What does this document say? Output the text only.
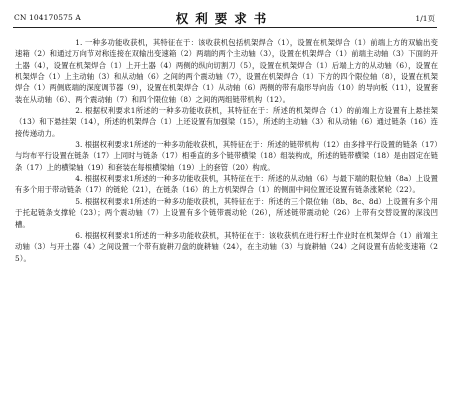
CN 104170575 A	权利要求书	1/1页

1. 一种多功能收获机，其特征在于：该收获机包括机架焊合（1），设置在机架焊合（1）前端上方的双输出变速箱（2）和通过万向节对称连接在双输出变速箱（2）两端的两个主动轴（3），设置在机架焊合（1）前端主动轴（3）下面的开土器（4），设置在机架焊合（1）上开土器（4）两侧的纵向切割刀（5），设置在机架焊合（1）后端上方的从动轴（6），设置在机架焊合（1）上主动轴（3）和从动轴（6）之间的两个震动轴（7），设置在机架焊合（1）下方的四个限位轴（8），设置在机架焊合（1）两侧底端的深度调节器（9），设置在机架焊合（1）从动轴（6）两侧的带有扇形导向齿（10）的导向板（11），设置套装在从动轴（6）、两个震动轴（7）和四个限位轴（8）之间的两组链带机构（12）。

2. 根据权利要求1所述的一种多功能收获机，其特征在于：所述的机架焊合（1）的前端上方设置有上悬挂架（13）和下悬挂架（14），所述的机架焊合（1）上还设置有加强梁（15），所述的主动轴（3）和从动轴（6）通过链条（16）连接传递动力。

3. 根据权利要求1所述的一种多功能收获机，其特征在于：所述的链带机构（12）由多排平行设置的链条（17）与均布平行设置在链条（17）上同时与链条（17）相垂直的多个链带横梁（18）组装构成，所述的链带横梁（18）是由固定在链条（17）上的横梁轴（19）和套装在每根横梁轴（19）上的套管（20）构成。

4. 根据权利要求1所述的一种多功能收获机，其特征在于：所述的从动轴（6）与最下端的限位轴（8a）上设置有多个用于带动链条（17）的链轮（21），在链条（16）的上方机架焊合（1）的侧面中间位置还设置有链条涨紧轮（22）。

5. 根据权利要求1所述的一种多功能收获机，其特征在于：所述的三个限位轴（8b、8c、8d）上设置有多个用于托起链条支撑轮（23）；两个震动轴（7）上设置有多个链带震动轮（26），所述链带震动轮（26）上带有交替设置的深浅凹槽。

6. 根据权利要求1所述的一种多功能收获机，其特征在于：该收获机在进行籽土作业时在机架焊合（1）前端主动轴（3）与开土器（4）之间设置一个带有旋耕刀盘的旋耕轴（24），在主动轴（3）与旋耕轴（24）之间设置有齿轮变速箱（25）。
